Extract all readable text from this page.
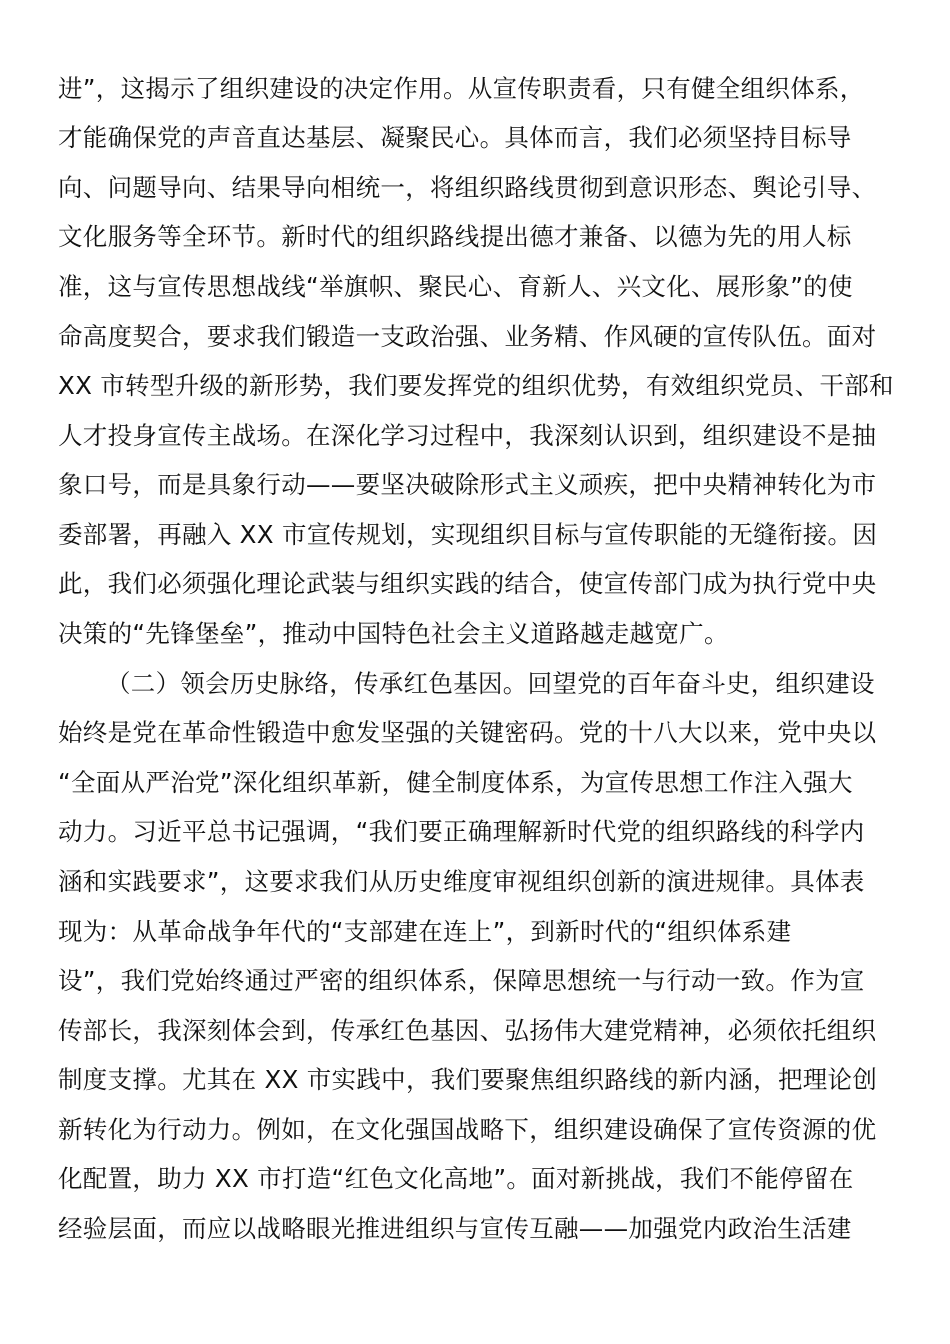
进”，这揭示了组织建设的决定作用。从宣传职责看，只有健全组织体系，
才能确保党的声音直达基层、凝聚民心。具体而言，我们必须坚持目标导
向、问题导向、结果导向相统一，将组织路线贯彻到意识形态、舆论引导、
文化服务等全环节。新时代的组织路线提出德才兼备、以德为先的用人标
准，这与宣传思想战线“举旗帜、聚民心、育新人、兴文化、展形象”的使
命高度契合，要求我们锻造一支政治强、业务精、作风硬的宣传队伍。面对
XX 市转型升级的新形势，我们要发挥党的组织优势，有效组织党员、干部和
人才投身宣传主战场。在深化学习过程中，我深刻认识到，组织建设不是抽
象口号，而是具象行动——要坚决破除形式主义顽疾，把中央精神转化为市
委部署，再融入 XX 市宣传规划，实现组织目标与宣传职能的无缝衔接。因
此，我们必须强化理论武装与组织实践的结合，使宣传部门成为执行党中央
决策的“先锋堡垒”，推动中国特色社会主义道路越走越宽广。
（二）领会历史脉络，传承红色基因。回望党的百年奋斗史，组织建设
始终是党在革命性锻造中愈发坚强的关键密码。党的十八大以来，党中央以
“全面从严治党”深化组织革新，健全制度体系，为宣传思想工作注入强大
动力。习近平总书记强调，“我们要正确理解新时代党的组织路线的科学内
涵和实践要求”，这要求我们从历史维度审视组织创新的演进规律。具体表
现为：从革命战争年代的“支部建在连上”，到新时代的“组织体系建
设”，我们党始终通过严密的组织体系，保障思想统一与行动一致。作为宣
传部长，我深刻体会到，传承红色基因、弘扬伟大建党精神，必须依托组织
制度支撑。尤其在 XX 市实践中，我们要聚焦组织路线的新内涵，把理论创
新转化为行动力。例如，在文化强国战略下，组织建设确保了宣传资源的优
化配置，助力 XX 市打造“红色文化高地”。面对新挑战，我们不能停留在
经验层面，而应以战略眼光推进组织与宣传互融——加强党内政治生活建
